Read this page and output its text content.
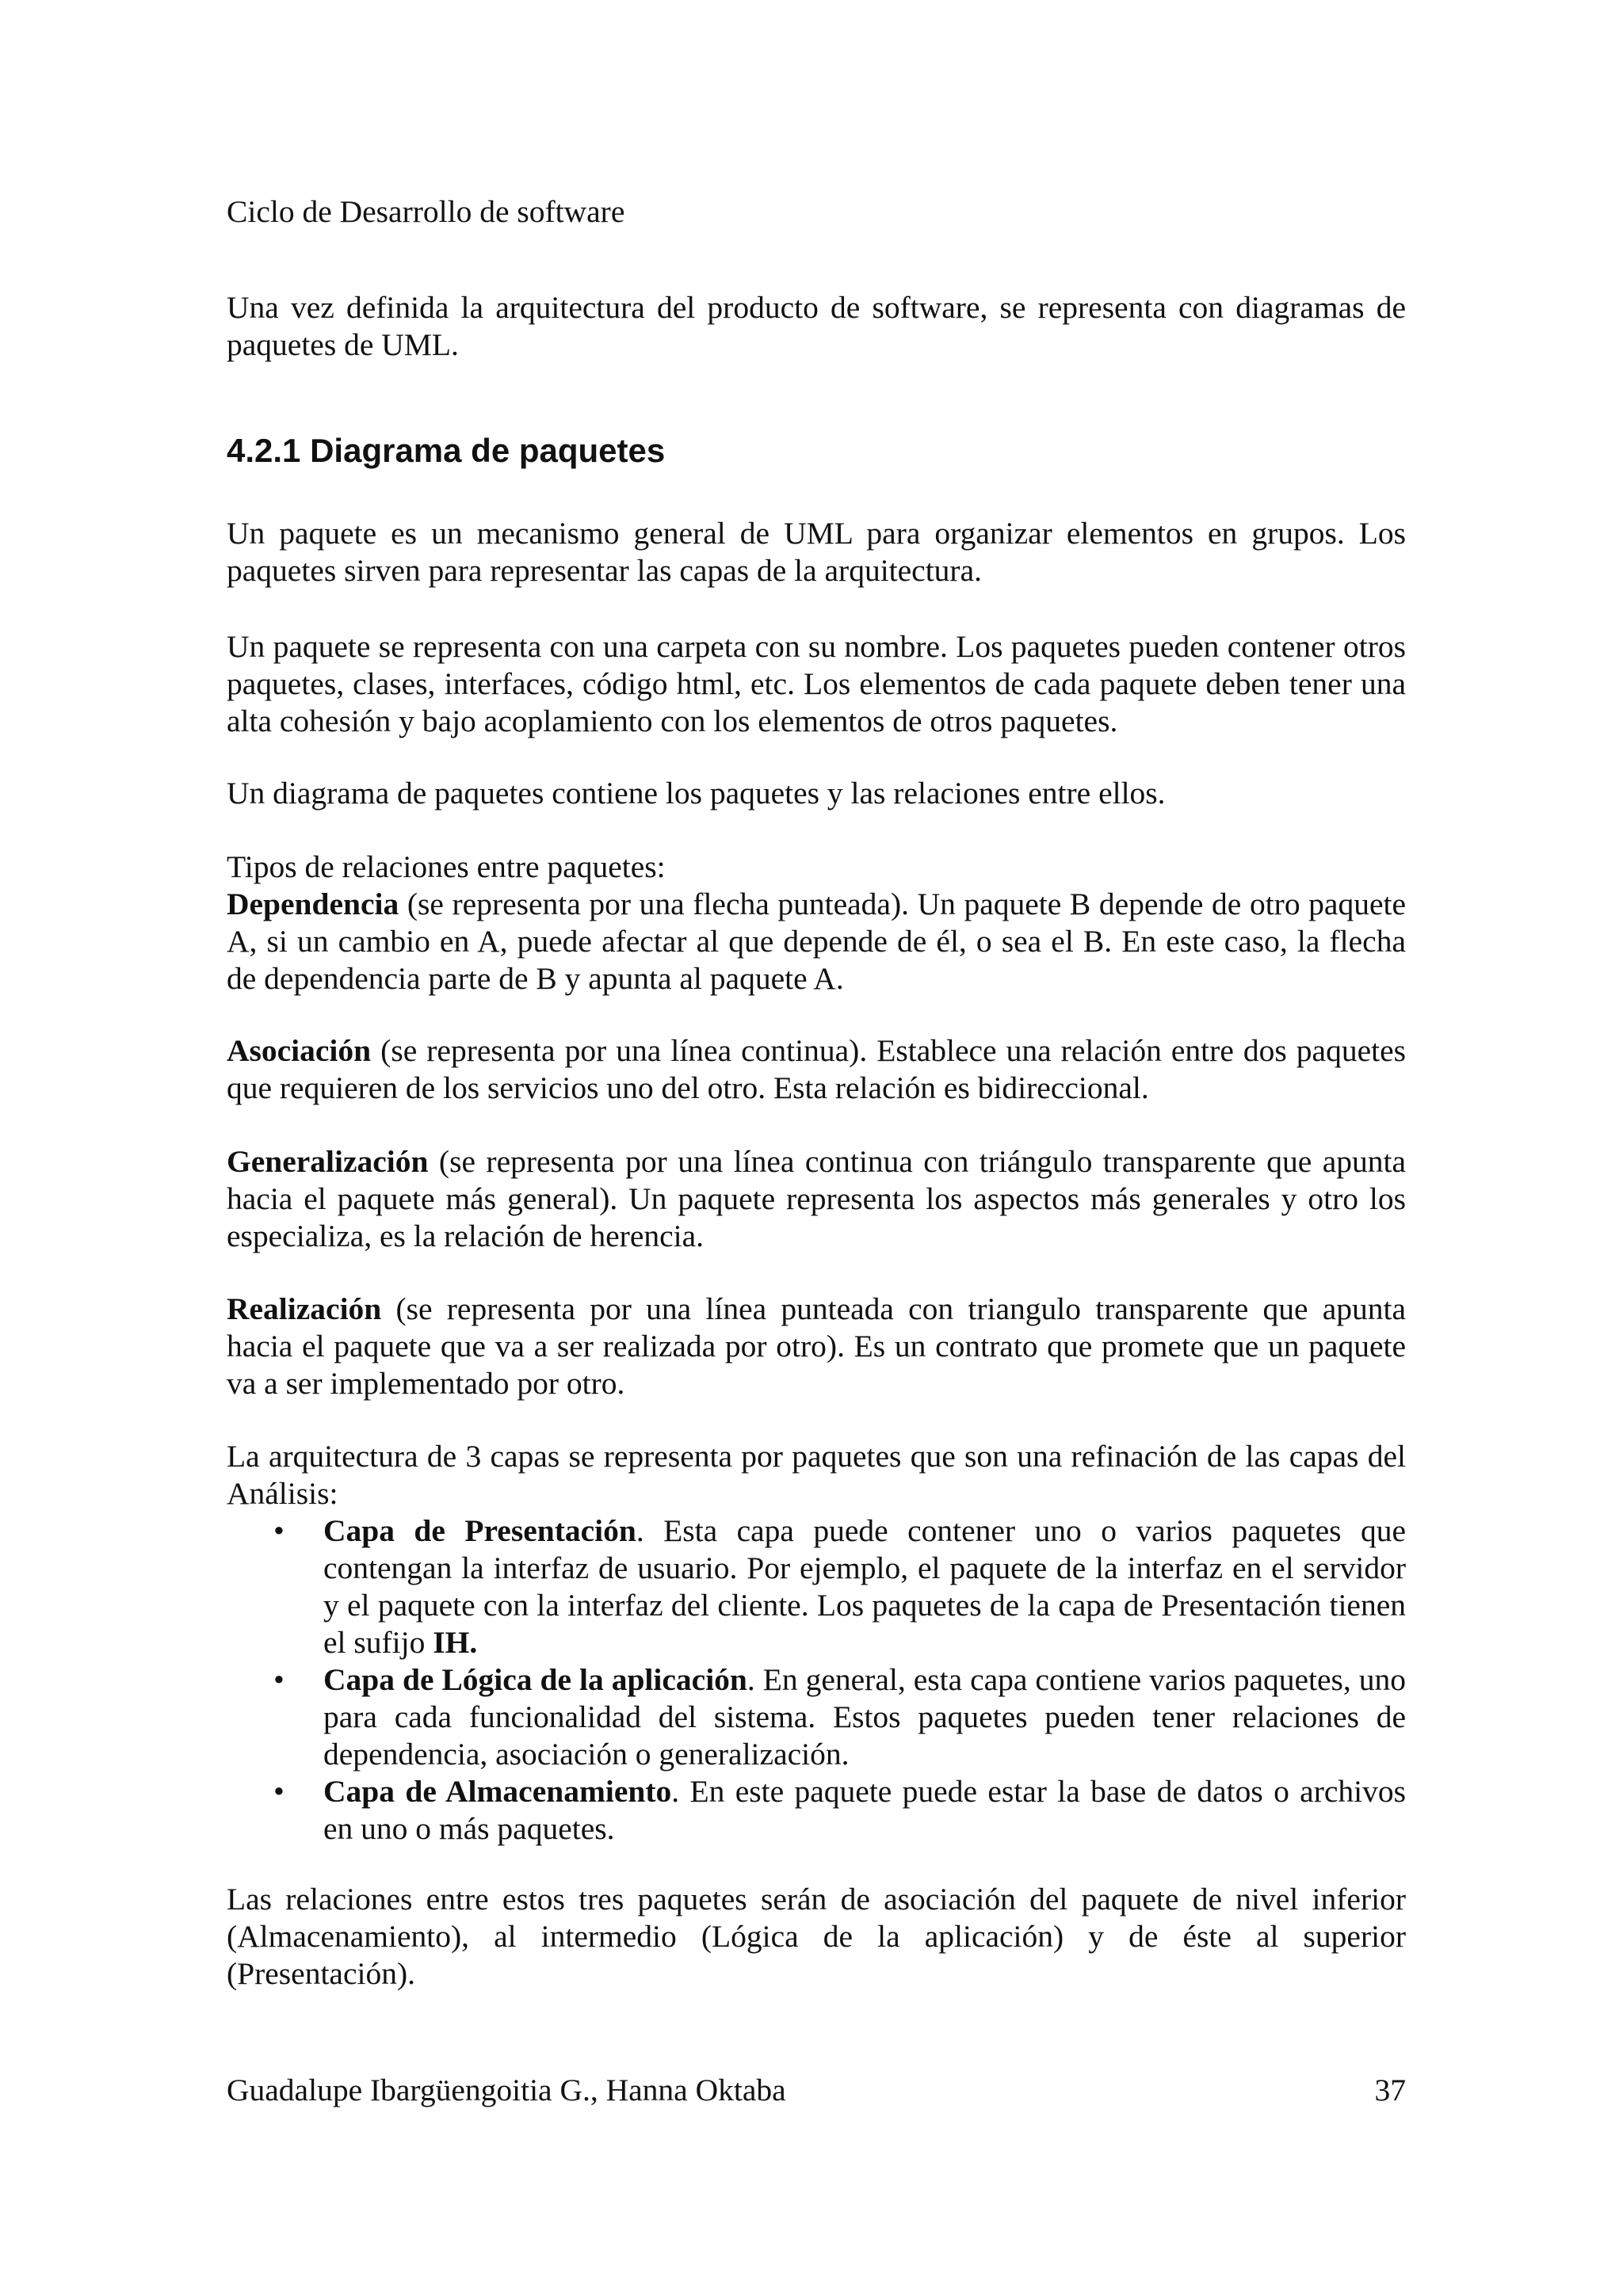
Ciclo de Desarrollo de software

Una vez definida la arquitectura del producto de software, se representa con diagramas de paquetes de UML.

4.2.1 Diagrama de paquetes

Un paquete es un mecanismo general de UML para organizar elementos en grupos. Los paquetes sirven para representar las capas de la arquitectura.

Un paquete se representa con una carpeta con su nombre. Los paquetes pueden contener otros paquetes, clases, interfaces, código html, etc. Los elementos de cada paquete deben tener una alta cohesión y bajo acoplamiento con los elementos de otros paquetes.

Un diagrama de paquetes contiene los paquetes y las relaciones entre ellos.

Tipos de relaciones entre paquetes:

Dependencia (se representa por una flecha punteada). Un paquete B depende de otro paquete A, si un cambio en A, puede afectar al que depende de él, o sea el B. En este caso, la flecha de dependencia parte de B y apunta al paquete A.

Asociación (se representa por una línea continua). Establece una relación entre dos paquetes que requieren de los servicios uno del otro. Esta relación es bidireccional.

Generalización (se representa por una línea continua con triángulo transparente que apunta hacia el paquete más general). Un paquete representa los aspectos más generales y otro los especializa, es la relación de herencia.

Realización (se representa por una línea punteada con triangulo transparente que apunta hacia el paquete que va a ser realizada por otro). Es un contrato que promete que un paquete va a ser implementado por otro.

La arquitectura de 3 capas se representa por paquetes que son una refinación de las capas del Análisis:

• Capa de Presentación. Esta capa puede contener uno o varios paquetes que contengan la interfaz de usuario. Por ejemplo, el paquete de la interfaz en el servidor y el paquete con la interfaz del cliente. Los paquetes de la capa de Presentación tienen el sufijo IH.
• Capa de Lógica de la aplicación. En general, esta capa contiene varios paquetes, uno para cada funcionalidad del sistema. Estos paquetes pueden tener relaciones de dependencia, asociación o generalización.
• Capa de Almacenamiento. En este paquete puede estar la base de datos o archivos en uno o más paquetes.

Las relaciones entre estos tres paquetes serán de asociación del paquete de nivel inferior (Almacenamiento), al intermedio (Lógica de la aplicación) y de éste al superior (Presentación).

Guadalupe Ibargüengoitia G., Hanna Oktaba	37
